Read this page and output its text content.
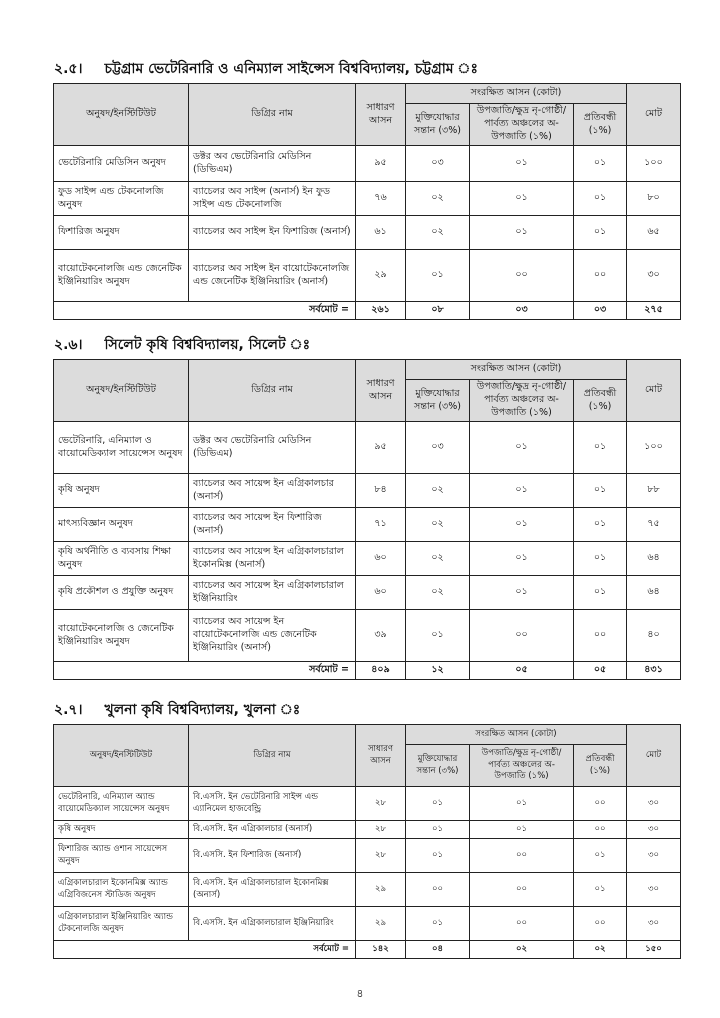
২.৫। চট্টগ্রাম ভেটেরিনারি ও এনিম্যাল সাইন্সেস বিশ্ববিদ্যালয়, চট্টগ্রাম ঃ
অনুষদ/ইনস্টিটিউট	ডিগ্রির নাম	সাধারণ আসন	সংরক্ষিত আসন (কোটা)			মোট
			মুক্তিযোদ্ধার সন্তান (৩%)	উপজাতি/ক্ষুদ্র নৃ-গোষ্ঠী/ পার্বত্য অঞ্চলের অ-উপজাতি (১%)	প্রতিবন্ধী (১%)	
ভেটেরিনারি মেডিসিন অনুষদ	ডক্টর অব ভেটেরিনারি মেডিসিন (ডিভিএম)	৯৫	০৩	০১	০১	১০০
ফুড সাইন্স এন্ড টেকনোলজি অনুষদ	ব্যাচেলর অব সাইন্স (অনার্স) ইন ফুড সাইন্স এন্ড টেকনোলজি	৭৬	০২	০১	০১	৮০
ফিশারিজ অনুষদ	ব্যাচেলর অব সাইন্স ইন ফিশারিজ (অনার্স)	৬১	০২	০১	০১	৬৫
বায়োটেকনোলজি এন্ড জেনেটিক ইঞ্জিনিয়ারিং অনুষদ	ব্যাচেলর অব সাইন্স ইন বায়োটেকনোলজি এন্ড জেনেটিক ইঞ্জিনিয়ারিং (অনার্স)	২৯	০১	০০	০০	৩০
সর্বমোট =		২৬১	০৮	০৩	০৩	২৭৫
২.৬। সিলেট কৃষি বিশ্ববিদ্যালয়, সিলেট ঃ
অনুষদ/ইনস্টিটিউট	ডিগ্রির নাম	সাধারণ আসন	সংরক্ষিত আসন (কোটা)			মোট
			মুক্তিযোদ্ধার সন্তান (৩%)	উপজাতি/ক্ষুদ্র নৃ-গোষ্ঠী/ পার্বত্য অঞ্চলের অ-উপজাতি (১%)	প্রতিবন্ধী (১%)	
ভেটেরিনারি, এনিম্যাল ও বায়োমেডিক্যাল সায়েন্সেস অনুষদ	ডক্টর অব ভেটেরিনারি মেডিসিন (ডিভিএম)	৯৫	০৩	০১	০১	১০০
কৃষি অনুষদ	ব্যাচেলর অব সায়েন্স ইন এগ্রিকালচার (অনার্স)	৮৪	০২	০১	০১	৮৮
মাৎস্যবিজ্ঞান অনুষদ	ব্যাচেলর অব সায়েন্স ইন ফিশারিজ (অনার্স)	৭১	০২	০১	০১	৭৫
কৃষি অর্থনীতি ও ব্যবসায় শিক্ষা অনুষদ	ব্যাচেলর অব সায়েন্স ইন এগ্রিকালচারাল ইকোনমিক্স (অনার্স)	৬০	০২	০১	০১	৬৪
কৃষি প্রকৌশল ও প্রযুক্তি অনুষদ	ব্যাচেলর অব সায়েন্স ইন এগ্রিকালচারাল ইঞ্জিনিয়ারিং	৬০	০২	০১	০১	৬৪
বায়োটেকনোলজি ও জেনেটিক ইঞ্জিনিয়ারিং অনুষদ	ব্যাচেলর অব সায়েন্স ইন বায়োটেকনোলজি এন্ড জেনেটিক ইঞ্জিনিয়ারিং (অনার্স)	৩৯	০১	০০	০০	৪০
সর্বমোট =		৪০৯	১২	০৫	০৫	৪৩১
২.৭। খুলনা কৃষি বিশ্ববিদ্যালয়, খুলনা ঃ
অনুষদ/ইনস্টিটিউট	ডিগ্রির নাম	সাধারণ আসন	সংরক্ষিত আসন (কোটা)			মোট
			মুক্তিযোদ্ধার সন্তান (৩%)	উপজাতি/ক্ষুদ্র নৃ-গোষ্ঠী/ পার্বত্য অঞ্চলের অ-উপজাতি (১%)	প্রতিবন্ধী (১%)	
ভেটেরিনারি, এনিম্যাল অ্যান্ড বায়োমেডিক্যাল সায়েন্সেস অনুষদ	বি.এসসি. ইন ভেটেরিনারি সাইন্স এন্ড এ্যানিমেল হাজবেন্ড্রি	২৮	০১	০১	০০	৩০
কৃষি অনুষদ	বি.এসসি. ইন এগ্রিকালচার (অনার্স)	২৮	০১	০১	০০	৩০
ফিশারিজ অ্যান্ড ওশান সায়েন্সেস অনুষদ	বি.এসসি. ইন ফিশারিজ (অনার্স)	২৮	০১	০০	০১	৩০
এগ্রিকালচারাল ইকোনমিক্স অ্যান্ড এগ্রিবিজনেস স্টাডিজ অনুষদ	বি.এসসি. ইন এগ্রিকালচারাল ইকোনমিক্স (অনার্স)	২৯	০০	০০	০১	৩০
এগ্রিকালচারাল ইঞ্জিনিয়ারিং অ্যান্ড টেকনোলজি অনুষদ	বি.এসসি. ইন এগ্রিকালচারাল ইঞ্জিনিয়ারিং	২৯	০১	০০	০০	৩০
সর্বমোট =		১৪২	০৪	০২	০২	১৫০
৪
